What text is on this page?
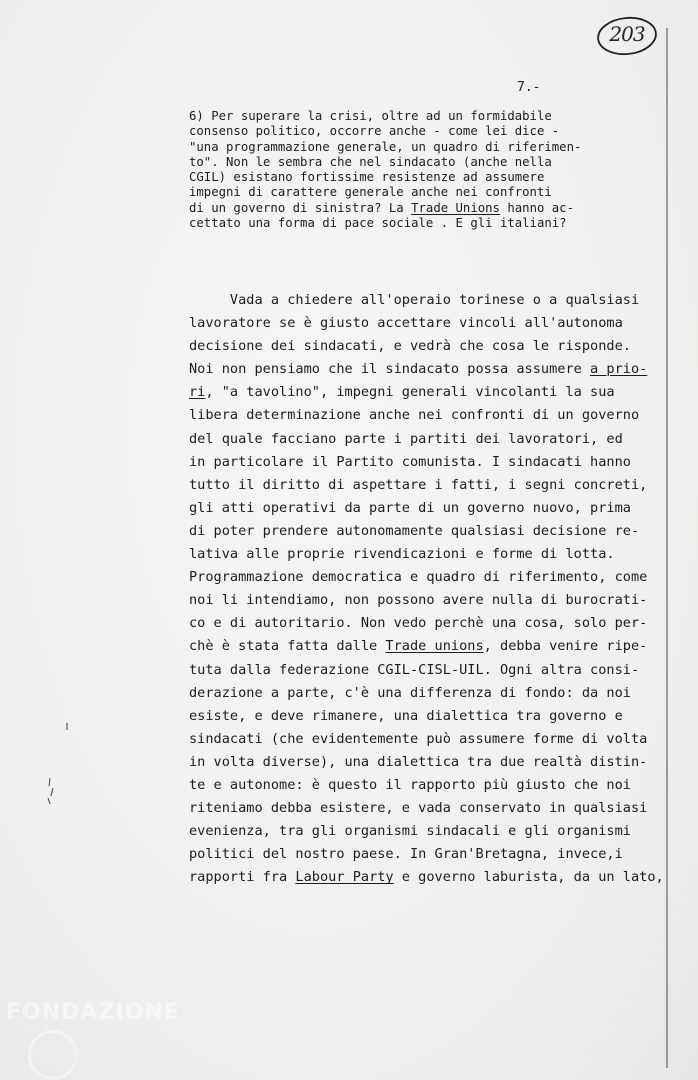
203
7.-
6) Per superare la crisi, oltre ad un formidabile
consenso politico, occorre anche - come lei dice -
"una programmazione generale, un quadro di riferimen-
to". Non le sembra che nel sindacato (anche nella
CGIL) esistano fortissime resistenze ad assumere
impegni di carattere generale anche nei confronti
di un governo di sinistra? La Trade Unions hanno ac-
cettato una forma di pace sociale . E gli italiani?
Vada a chiedere all'operaio torinese o a qualsiasi
lavoratore se è giusto accettare vincoli all'autonoma
decisione dei sindacati, e vedrà che cosa le risponde.
Noi non pensiamo che il sindacato possa assumere a prio-
ri, "a tavolino", impegni generali vincolanti la sua
libera determinazione anche nei confronti di un governo
del quale facciano parte i partiti dei lavoratori, ed
in particolare il Partito comunista. I sindacati hanno
tutto il diritto di aspettare i fatti, i segni concreti,
gli atti operativi da parte di un governo nuovo, prima
di poter prendere autonomamente qualsiasi decisione re-
lativa alle proprie rivendicazioni e forme di lotta.
Programmazione democratica e quadro di riferimento, come
noi li intendiamo, non possono avere nulla di burocrati-
co e di autoritario. Non vedo perchè una cosa, solo per-
chè è stata fatta dalle Trade unions, debba venire ripe-
tuta dalla federazione CGIL-CISL-UIL. Ogni altra consi-
derazione a parte, c'è una differenza di fondo: da noi
esiste, e deve rimanere, una dialettica tra governo e
sindacati (che evidentemente può assumere forme di volta
in volta diverse), una dialettica tra due realtà distin-
te e autonome: è questo il rapporto più giusto che noi
riteniamo debba esistere, e vada conservato in qualsiasi
evenienza, tra gli organismi sindacali e gli organismi
politici del nostro paese. In Gran'Bretagna, invece,i
rapporti fra Labour Party e governo laburista, da un lato,
FONDAZIONE
